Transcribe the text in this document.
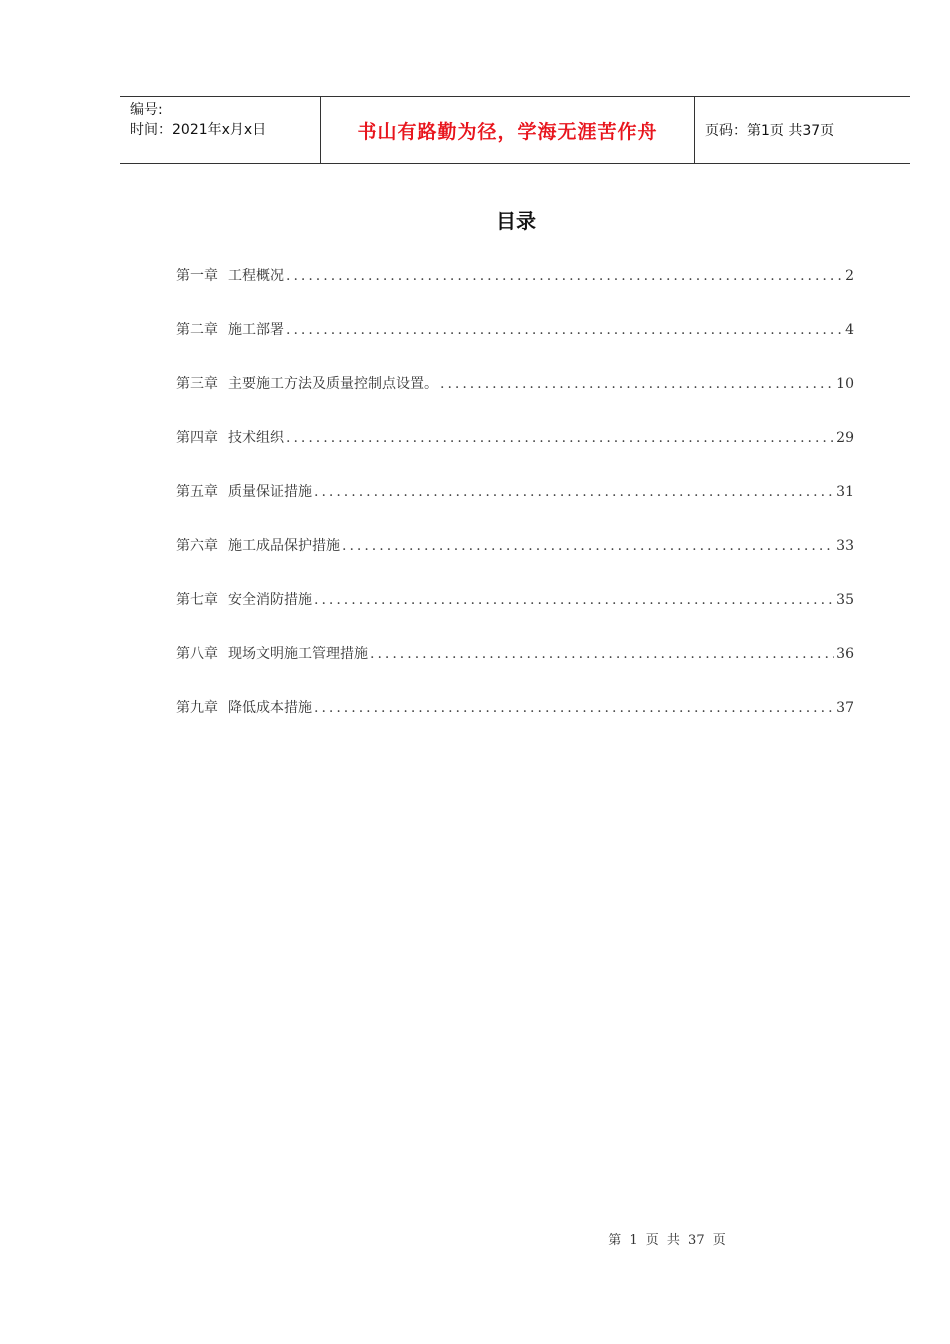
编号:
时间：2021年x月x日	书山有路勤为径，学海无涯苦作舟	页码：第1页 共37页
目录
第一章 工程概况 .....	2
第二章 施工部署 .....	4
第三章 主要施工方法及质量控制点设置。 .....	10
第四章 技术组织 .....	29
第五章 质量保证措施 .....	31
第六章 施工成品保护措施 .....	33
第七章 安全消防措施 .....	35
第八章 现场文明施工管理措施 .....	36
第九章 降低成本措施 .....	37
第 1 页 共 37 页
